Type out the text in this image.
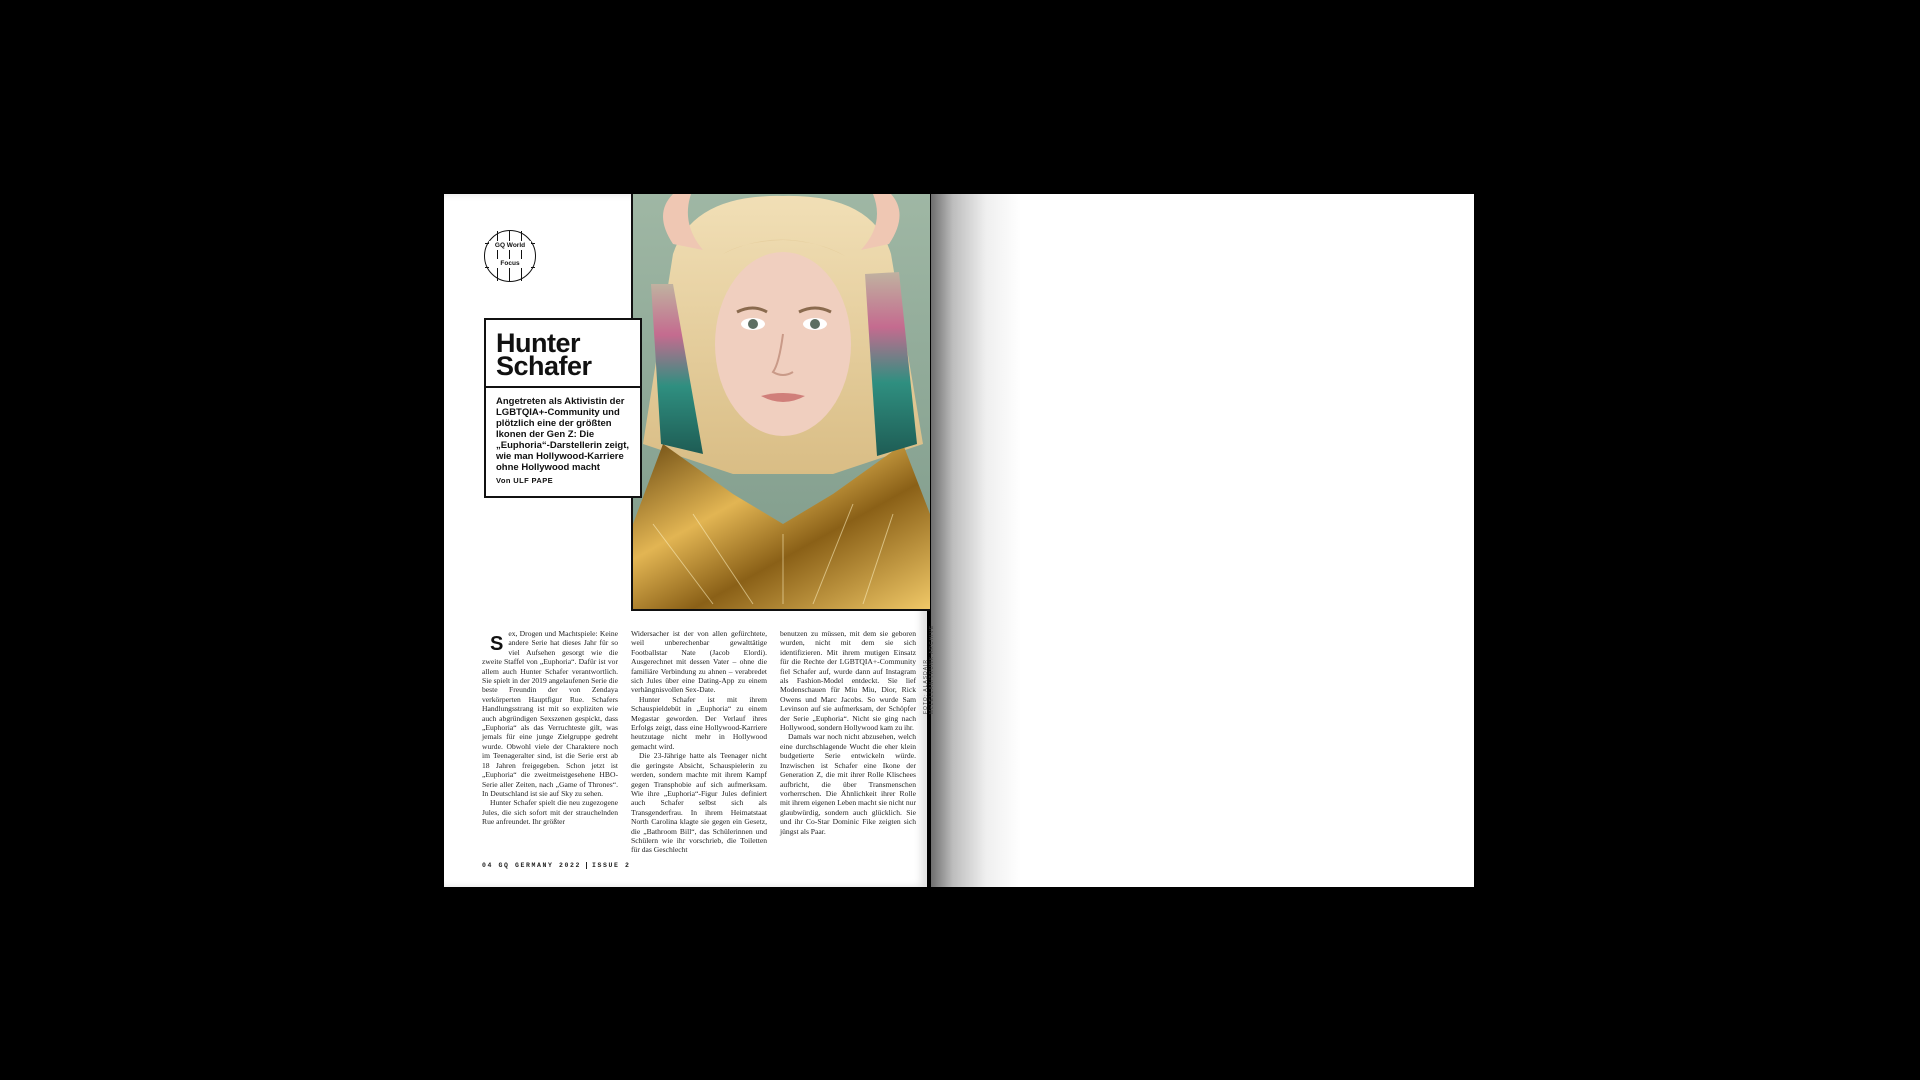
GQ World
Focus
Hunter Schafer
Angetreten als Aktivistin der LGBTQIA+-Community und plötzlich eine der größten Ikonen der Gen Z: Die „Euphoria“-Darstellerin zeigt, wie man Hollywood-Karriere ohne Hollywood macht
Von ULF PAPE
S ex, Drogen und Machtspiele: Keine andere Serie hat dieses Jahr für so viel Aufsehen gesorgt wie die zweite Staffel von „Euphoria“. Dafür ist vor allem auch Hunter Schafer verantwortlich. Sie spielt in der 2019 angelaufenen Serie die beste Freundin der von Zendaya verkörperten Hauptfigur Rue. Schafers Handlungsstrang ist mit so expliziten wie auch abgründigen Sexszenen gespickt, dass „Euphoria“ als das Verruchteste gilt, was jemals für eine junge Zielgruppe gedreht wurde. Obwohl viele der Charaktere noch im Teenageralter sind, ist die Serie erst ab 18 Jahren freigegeben. Schon jetzt ist „Euphoria“ die zweitmeistgesehene HBO-Serie aller Zeiten, nach „Game of Thrones“. In Deutschland ist sie auf Sky zu sehen.

Hunter Schafer spielt die neu zugezogene Jules, die sich sofort mit der strauchelnden Rue anfreundet. Ihr größter

Widersacher ist der von allen gefürchtete, weil unberechenbar gewalttätige Footballstar Nate (Jacob Elordi). Ausgerechnet mit dessen Vater – ohne die familiäre Verbindung zu ahnen – verabredet sich Jules über eine Dating-App zu einem verhängnisvollen Sex-Date.

Hunter Schafer ist mit ihrem Schauspieldebüt in „Euphoria“ zu einem Megastar geworden. Der Verlauf ihres Erfolgs zeigt, dass eine Hollywood-Karriere heutzutage nicht mehr in Hollywood gemacht wird.

Die 23-Jährige hatte als Teenager nicht die geringste Absicht, Schauspielerin zu werden, sondern machte mit ihrem Kampf gegen Transphobie auf sich aufmerksam. Wie ihre „Euphoria“-Figur Jules definiert auch Schafer selbst sich als Transgenderfrau. In ihrem Heimatstaat North Carolina klagte sie gegen ein Gesetz, die „Bathroom Bill“, das Schülerinnen und Schülern wie ihr vorschrieb, die Toiletten für das Geschlecht

benutzen zu müssen, mit dem sie geboren wurden, nicht mit dem sie sich identifizieren. Mit ihrem mutigen Einsatz für die Rechte der LGBTQIA+-Community fiel Schafer auf, wurde dann auf Instagram als Fashion-Model entdeckt. Sie lief Modenschauen für Miu Miu, Dior, Rick Owens und Marc Jacobs. So wurde Sam Levinson auf sie aufmerksam, der Schöpfer der Serie „Euphoria“. Nicht sie ging nach Hollywood, sondern Hollywood kam zu ihr.

Damals war noch nicht abzusehen, welch eine durchschlagende Wucht die eher klein budgetierte Serie entwickeln würde. Inzwischen ist Schafer eine Ikone der Generation Z, die mit ihrer Rolle Klischees aufbricht, die über Transmenschen vorherrschen. Die Ähnlichkeit ihrer Rolle mit ihrem eigenen Leben macht sie nicht nur glaubwürdig, sondern auch glücklich. Sie und ihr Co-Star Dominic Fike zeigten sich jüngst als Paar.

04 GQ GERMANY 2022 ISSUE 2
FOTO: ALASDAIR McLELLAN/TRUNK ARCHIVE
